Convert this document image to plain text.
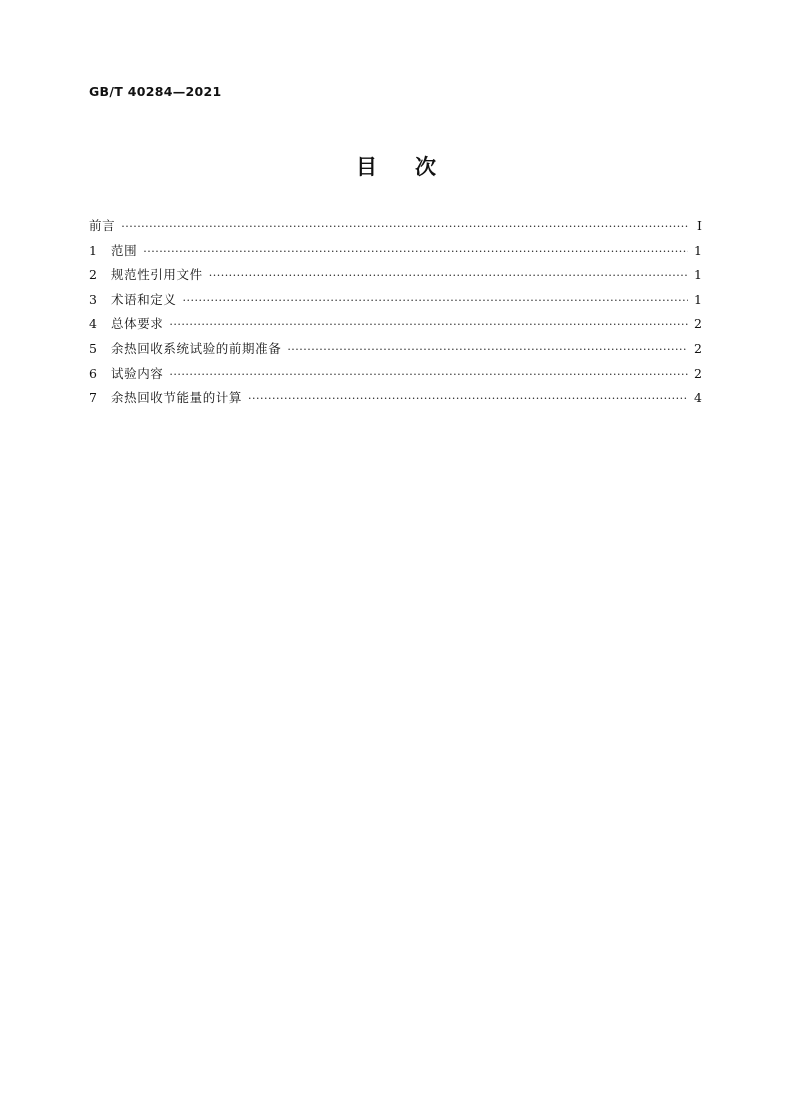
GB/T 40284—2021
目次
前言 ·····	Ⅰ
1	范围 ·····	1
2	规范性引用文件 ·····	1
3	术语和定义 ·····	1
4	总体要求 ·····	2
5	余热回收系统试验的前期准备 ·····	2
6	试验内容 ·····	2
7	余热回收节能量的计算 ·····	4
